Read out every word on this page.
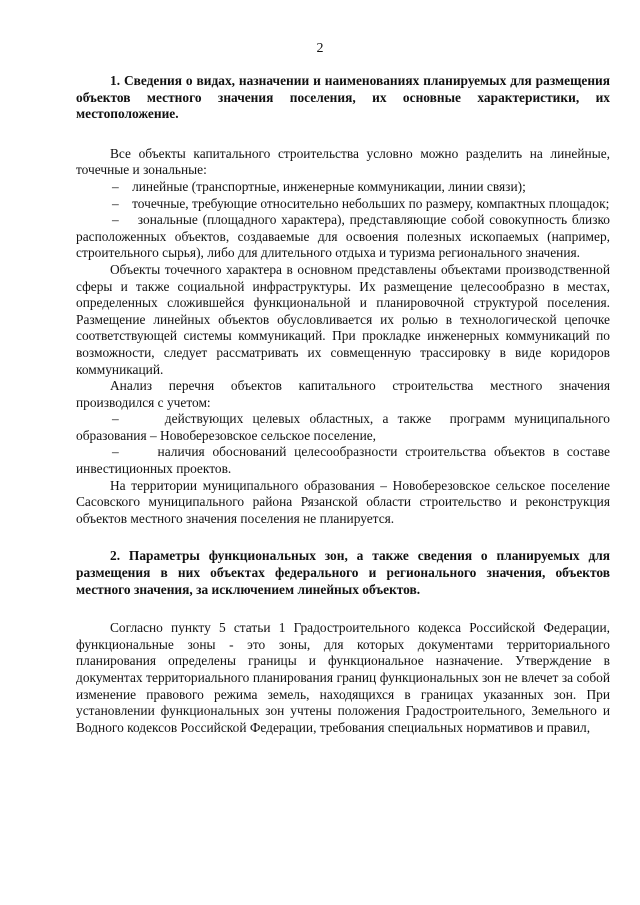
2

1. Сведения о видах, назначении и наименованиях планируемых для размещения объектов местного значения поселения, их основные характеристики, их местоположение.

Все объекты капитального строительства условно можно разделить на линейные, точечные и зональные:

–    линейные (транспортные, инженерные коммуникации, линии связи);

–    точечные, требующие относительно небольших по размеру, компактных площадок;

–    зональные (площадного характера), представляющие собой совокупность близко расположенных объектов, создаваемые для освоения полезных ископаемых (например, строительного сырья), либо для длительного отдыха и туризма регионального значения.

Объекты точечного характера в основном представлены объектами производственной сферы и также социальной инфраструктуры. Их размещение целесообразно в местах, определенных сложившейся функциональной и планировочной структурой поселения. Размещение линейных объектов обусловливается их ролью в технологической цепочке соответствующей системы коммуникаций. При прокладке инженерных коммуникаций по возможности, следует рассматривать их совмещенную трассировку в виде коридоров коммуникаций.

Анализ перечня объектов капитального строительства местного значения производился с учетом:

–     действующих целевых областных, а также  программ муниципального образования – Новоберезовское сельское поселение,

–     наличия обоснований целесообразности строительства объектов в составе инвестиционных проектов.

На территории муниципального образования – Новоберезовское сельское поселение Сасовского муниципального района Рязанской области строительство и реконструкция объектов местного значения поселения не планируется.

2. Параметры функциональных зон, а также сведения о планируемых для размещения в них объектах федерального и регионального значения, объектов местного значения, за исключением линейных объектов.

Согласно пункту 5 статьи 1 Градостроительного кодекса Российской Федерации, функциональные зоны - это зоны, для которых документами территориального планирования определены границы и функциональное назначение. Утверждение в документах территориального планирования границ функциональных зон не влечет за собой изменение правового режима земель, находящихся в границах указанных зон. При установлении функциональных зон учтены положения Градостроительного, Земельного и Водного кодексов Российской Федерации, требования специальных нормативов и правил,
